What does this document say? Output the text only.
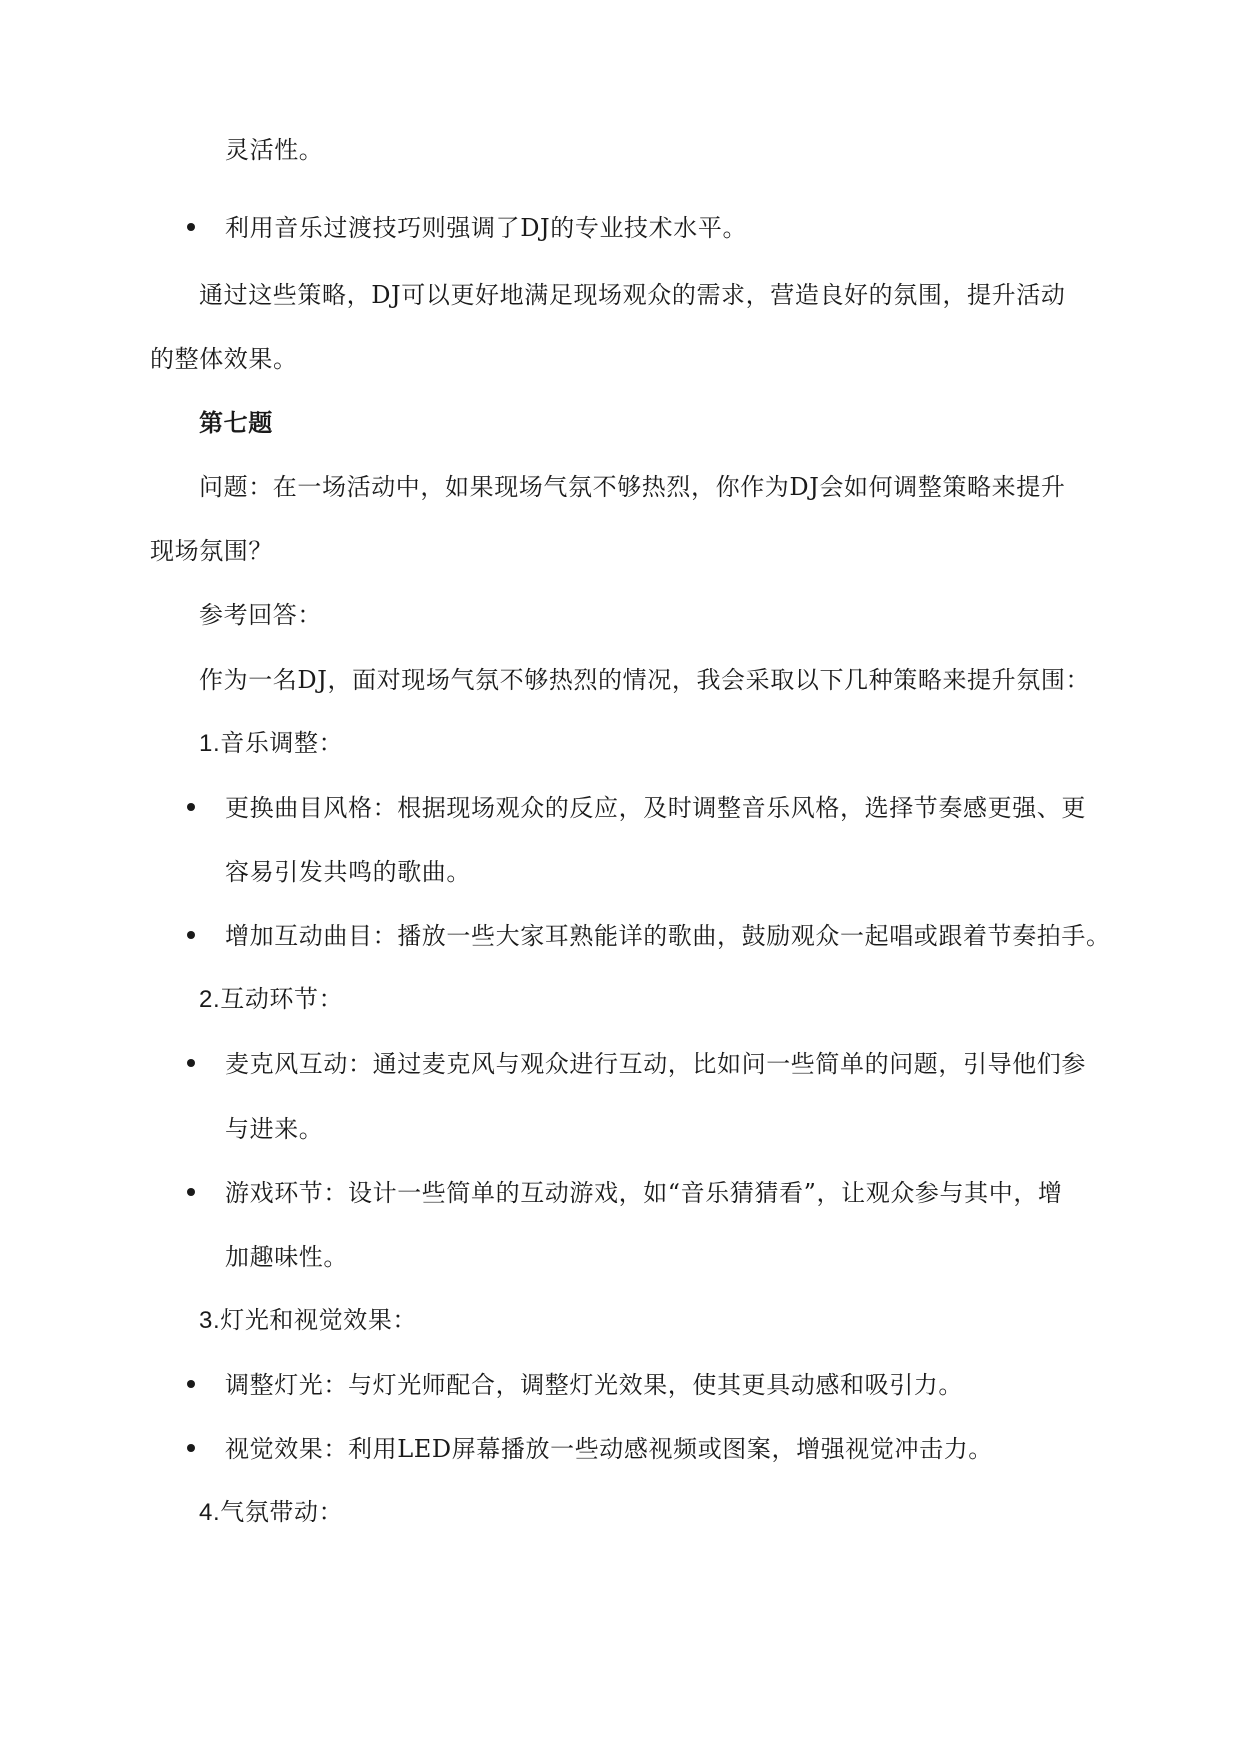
灵活性。
利用音乐过渡技巧则强调了DJ的专业技术水平。
通过这些策略，DJ可以更好地满足现场观众的需求，营造良好的氛围，提升活动
的整体效果。
第七题
问题：在一场活动中，如果现场气氛不够热烈，你作为DJ会如何调整策略来提升
现场氛围？
参考回答：
作为一名DJ，面对现场气氛不够热烈的情况，我会采取以下几种策略来提升氛围：
1.音乐调整：
更换曲目风格：根据现场观众的反应，及时调整音乐风格，选择节奏感更强、更
容易引发共鸣的歌曲。
增加互动曲目：播放一些大家耳熟能详的歌曲，鼓励观众一起唱或跟着节奏拍手。
2.互动环节：
麦克风互动：通过麦克风与观众进行互动，比如问一些简单的问题，引导他们参
与进来。
游戏环节：设计一些简单的互动游戏，如“音乐猜猜看”，让观众参与其中，增
加趣味性。
3.灯光和视觉效果：
调整灯光：与灯光师配合，调整灯光效果，使其更具动感和吸引力。
视觉效果：利用LED屏幕播放一些动感视频或图案，增强视觉冲击力。
4.气氛带动：
